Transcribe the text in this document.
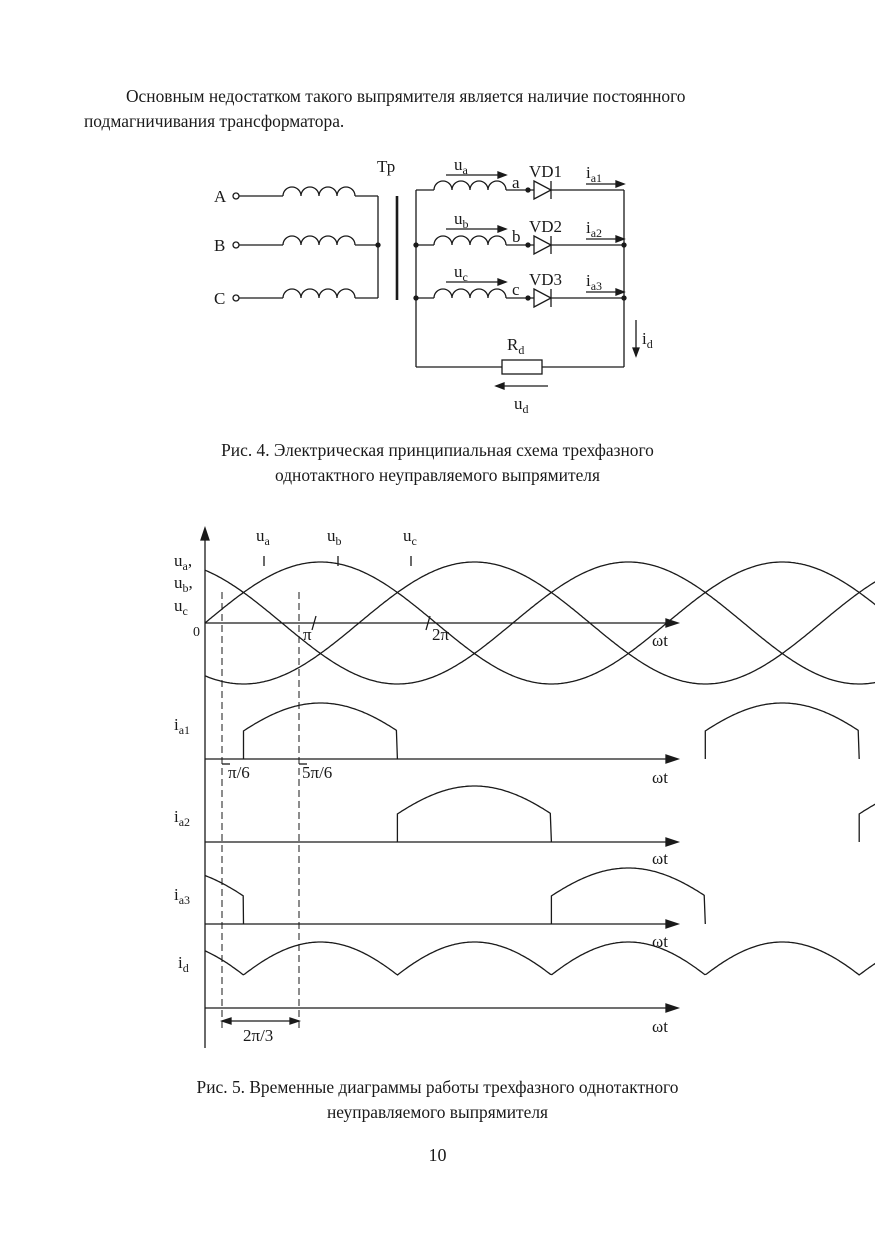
Основным недостатком такого выпрямителя является наличие постоянного подмагничивания трансформатора.

A
B
C
Тр	$u_a$
$u_b$
$u_c$
a
b
c
VD1
VD2
VD3
$i_{a1}$
$i_{a2}$
$i_{a3}$
$R_d$
$i_d$
$u_d$
Рис. 4. Электрическая принципиальная схема трехфазного
однотактного неуправляемого выпрямителя
$u_a$	$u_b$	$u_c$
$u_a$,
$u_b$,
$u_c$
0	π	2π
π/6	5π/6
2π/3
ωt
ωt
ωt
ωt
ωt
$i_{a1}$
$i_{a2}$
$i_{a3}$
$i_d$
Рис. 5. Временные диаграммы работы трехфазного однотактного
неуправляемого выпрямителя
10
